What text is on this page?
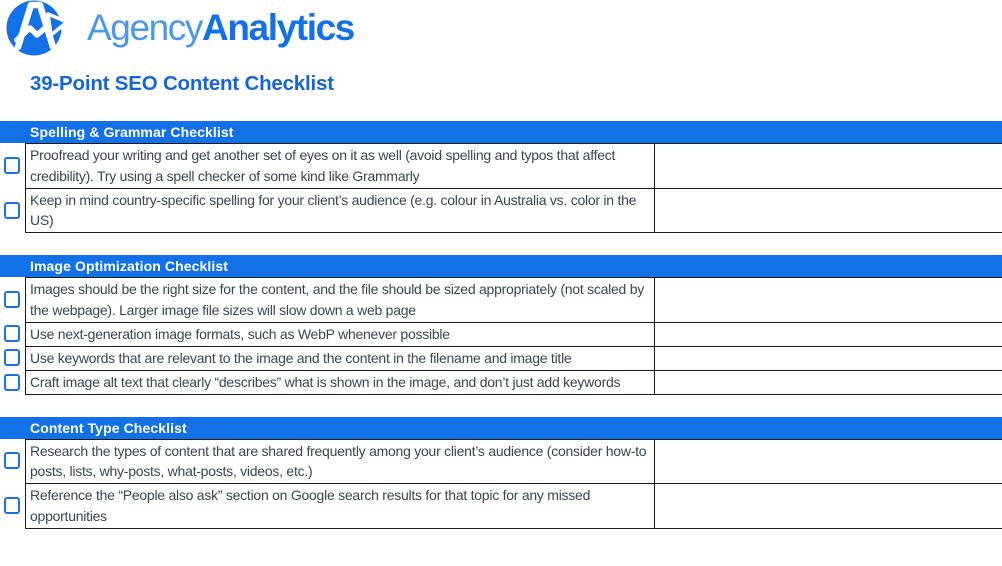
AgencyAnalytics
39-Point SEO Content Checklist
Spelling & Grammar Checklist
Proofread your writing and get another set of eyes on it as well (avoid spelling and typos that affect credibility). Try using a spell checker of some kind like Grammarly
Keep in mind country-specific spelling for your client’s audience (e.g. colour in Australia vs. color in the US)
Image Optimization Checklist
Images should be the right size for the content, and the file should be sized appropriately (not scaled by the webpage). Larger image file sizes will slow down a web page
Use next-generation image formats, such as WebP whenever possible
Use keywords that are relevant to the image and the content in the filename and image title
Craft image alt text that clearly “describes” what is shown in the image, and don’t just add keywords
Content Type Checklist
Research the types of content that are shared frequently among your client’s audience (consider how-to posts, lists, why-posts, what-posts, videos, etc.)
Reference the “People also ask” section on Google search results for that topic for any missed opportunities
